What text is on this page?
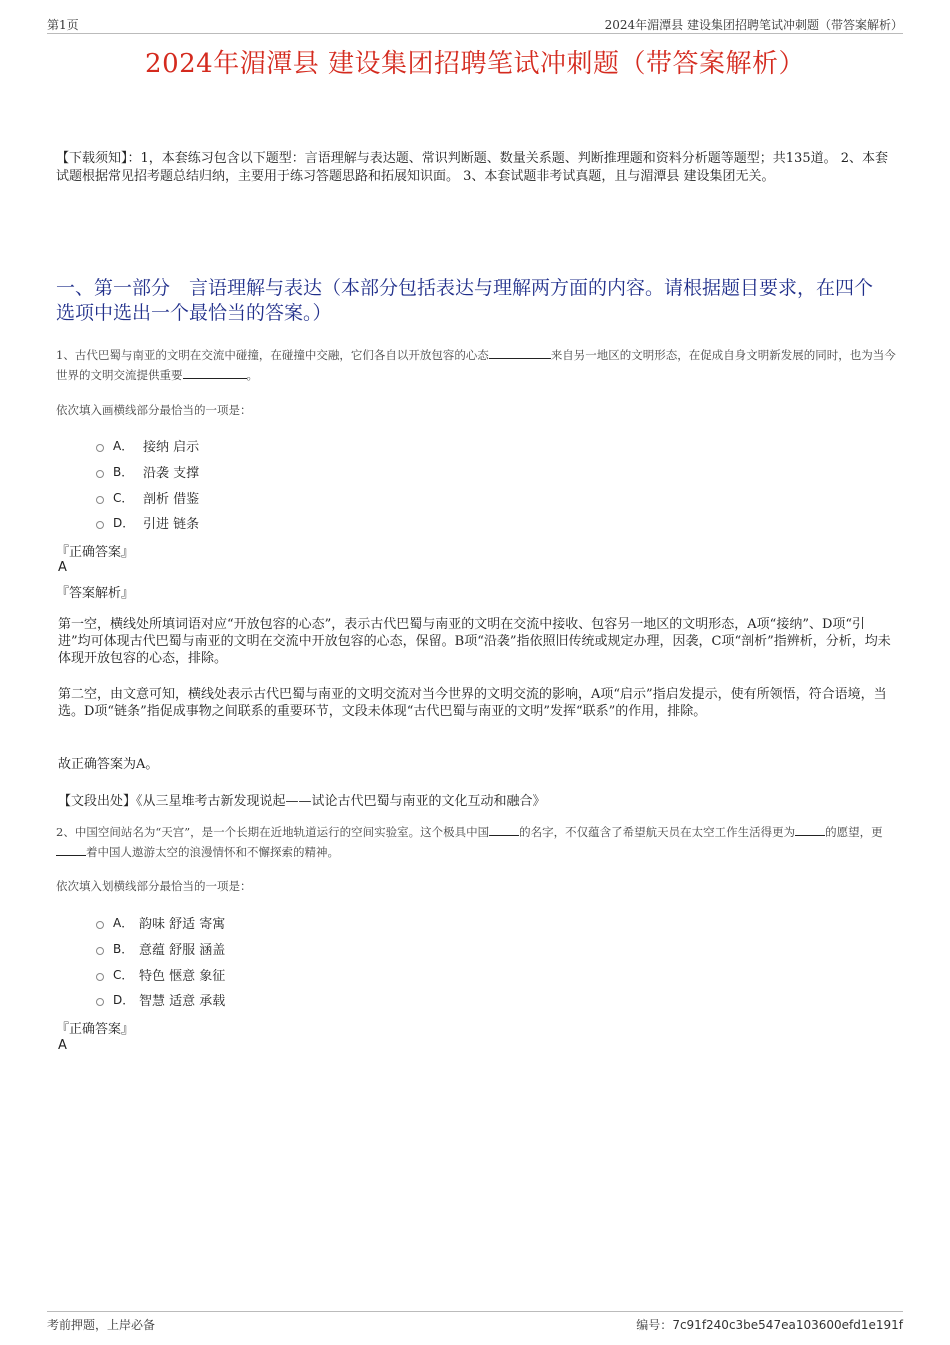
第1页	2024年湄潭县 建设集团招聘笔试冲刺题（带答案解析）
2024年湄潭县 建设集团招聘笔试冲刺题（带答案解析）
【下载须知】：1，本套练习包含以下题型：言语理解与表达题、常识判断题、数量关系题、判断推理题和资料分析题等题型；共135道。 2、本套试题根据常见招考题总结归纳，主要用于练习答题思路和拓展知识面。 3、本套试题非考试真题，且与湄潭县 建设集团无关。
一、第一部分　言语理解与表达（本部分包括表达与理解两方面的内容。请根据题目要求，在四个选项中选出一个最恰当的答案。）
1、古代巴蜀与南亚的文明在交流中碰撞，在碰撞中交融，它们各自以开放包容的心态	来自另一地区的文明形态，在促成自身文明新发展的同时，也为当今世界的文明交流提供重要	。
依次填入画横线部分最恰当的一项是：
A． 接纳 启示
B． 沿袭 支撑
C． 剖析 借鉴
D． 引进 链条
『正确答案』
A
『答案解析』
第一空，横线处所填词语对应“开放包容的心态”，表示古代巴蜀与南亚的文明在交流中接收、包容另一地区的文明形态，A项“接纳”、D项“引进”均可体现古代巴蜀与南亚的文明在交流中开放包容的心态，保留。B项“沿袭”指依照旧传统或规定办理，因袭，C项“剖析”指辨析，分析，均未体现开放包容的心态，排除。
第二空，由文意可知，横线处表示古代巴蜀与南亚的文明交流对当今世界的文明交流的影响，A项“启示”指启发提示，使有所领悟，符合语境，当选。D项“链条”指促成事物之间联系的重要环节，文段未体现“古代巴蜀与南亚的文明”发挥“联系”的作用，排除。
故正确答案为A。
【文段出处】《从三星堆考古新发现说起——试论古代巴蜀与南亚的文化互动和融合》
2、中国空间站名为“天宫”，是一个长期在近地轨道运行的空间实验室。这个极具中国	的名字，不仅蕴含了希望航天员在太空工作生活得更为	的愿望，更着中国人遨游太空的浪漫情怀和不懈探索的精神。
依次填入划横线部分最恰当的一项是：
A． 韵味 舒适 寄寓
B． 意蕴 舒服 涵盖
C． 特色 惬意 象征
D． 智慧 适意 承载
『正确答案』
A
考前押题，上岸必备	编号：7c91f240c3be547ea103600efd1e191f
